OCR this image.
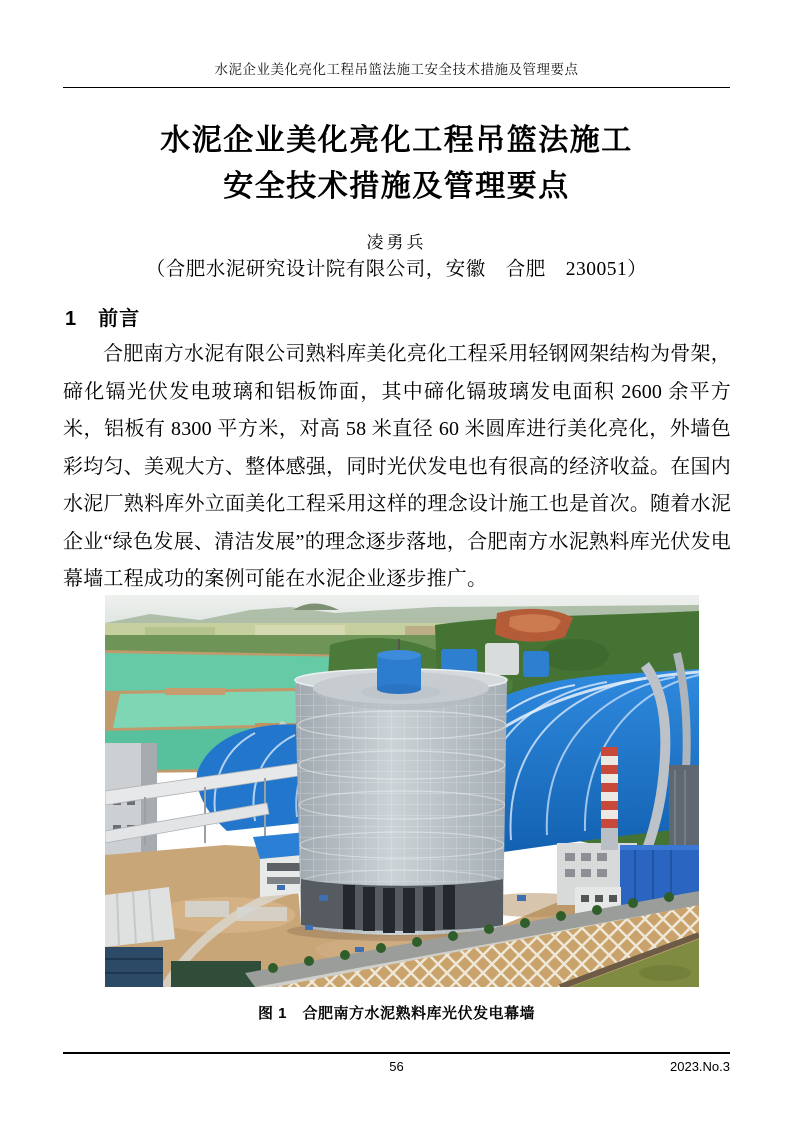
水泥企业美化亮化工程吊篮法施工安全技术措施及管理要点
水泥企业美化亮化工程吊篮法施工
安全技术措施及管理要点
凌勇兵
（合肥水泥研究设计院有限公司，安徽　合肥　230051）
1　前言

合肥南方水泥有限公司熟料库美化亮化工程采用轻钢网架结构为骨架，碲化镉光伏发电玻璃和铝板饰面，其中碲化镉玻璃发电面积 2600 余平方米，铝板有 8300 平方米，对高 58 米直径 60 米圆库进行美化亮化，外墙色彩均匀、美观大方、整体感强，同时光伏发电也有很高的经济收益。在国内水泥厂熟料库外立面美化工程采用这样的理念设计施工也是首次。随着水泥企业“绿色发展、清洁发展”的理念逐步落地，合肥南方水泥熟料库光伏发电幕墙工程成功的案例可能在水泥企业逐步推广。

图 1　合肥南方水泥熟料库光伏发电幕墙
56	2023.No.3
